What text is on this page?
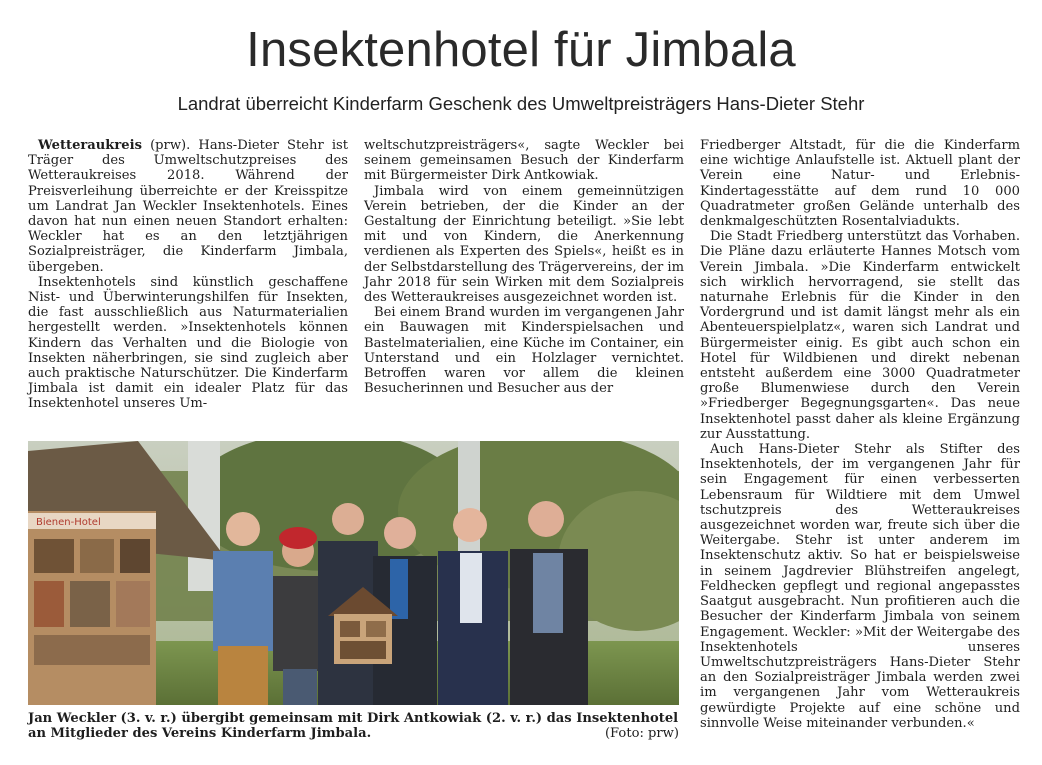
Insektenhotel für Jimbala
Landrat überreicht Kinderfarm Geschenk des Umweltpreisträgers Hans-Dieter Stehr

Wetteraukreis (prw). Hans-Dieter Stehr ist Träger des Umweltschutzpreises des Wetteraukreises 2018. Während der Preisverleihung überreichte er der Kreisspitze um Landrat Jan Weckler Insektenhotels. Eines davon hat nun einen neuen Standort erhalten: Weckler hat es an den letztjährigen Sozialpreisträger, die Kinderfarm Jimbala, übergeben.

Insektenhotels sind künstlich geschaffene Nist- und Überwinterungshilfen für Insekten, die fast ausschließlich aus Naturmaterialien hergestellt werden. »Insektenhotels können Kindern das Verhalten und die Biologie von Insekten näherbringen, sie sind zugleich aber auch praktische Naturschützer. Die Kinderfarm Jimbala ist damit ein idealer Platz für das Insektenhotel unseres Um-

weltschutzpreisträgers«, sagte Weckler bei seinem gemeinsamen Besuch der Kinderfarm mit Bürgermeister Dirk Antkowiak.

Jimbala wird von einem gemeinnützigen Verein betrieben, der die Kinder an der Gestaltung der Einrichtung beteiligt. »Sie lebt mit und von Kindern, die Anerkennung verdienen als Experten des Spiels«, heißt es in der Selbstdarstellung des Trägervereins, der im Jahr 2018 für sein Wirken mit dem Sozialpreis des Wetteraukreises ausgezeichnet worden ist.

Bei einem Brand wurden im vergangenen Jahr ein Bauwagen mit Kinderspielsachen und Bastelmaterialien, eine Küche im Container, ein Unterstand und ein Holzlager vernichtet. Betroffen waren vor allem die kleinen Besucherinnen und Besucher aus der

Friedberger Altstadt, für die die Kinderfarm eine wichtige Anlaufstelle ist. Aktuell plant der Verein eine Natur- und Erlebnis-Kindertagesstätte auf dem rund 10 000 Quadratmeter großen Gelände unterhalb des denkmalgeschützten Rosentalviadukts.

Die Stadt Friedberg unterstützt das Vorhaben. Die Pläne dazu erläuterte Hannes Motsch vom Verein Jimbala. »Die Kinderfarm entwickelt sich wirklich hervorragend, sie stellt das naturnahe Erlebnis für die Kinder in den Vordergrund und ist damit längst mehr als ein Abenteuerspielplatz«, waren sich Landrat und Bürgermeister einig. Es gibt auch schon ein Hotel für Wildbienen und direkt nebenan entsteht außerdem eine 3000 Quadratmeter große Blumenwiese durch den Verein »Friedberger Begegnungsgarten«. Das neue Insektenhotel passt daher als kleine Ergänzung zur Ausstattung.

Auch Hans-Dieter Stehr als Stifter des Insektenhotels, der im vergangenen Jahr für sein Engagement für einen verbesserten Lebensraum für Wildtiere mit dem Umwel tschutzpreis des Wetteraukreises ausgezeichnet worden war, freute sich über die Weitergabe. Stehr ist unter anderem im Insektenschutz aktiv. So hat er beispielsweise in seinem Jagdrevier Blühstreifen angelegt, Feldhecken gepflegt und regional angepasstes Saatgut ausgebracht. Nun profitieren auch die Besucher der Kinderfarm Jimbala von seinem Engagement. Weckler: »Mit der Weitergabe des Insektenhotels unseres Umweltschutzpreisträgers Hans-Dieter Stehr an den Sozialpreisträger Jimbala werden zwei im vergangenen Jahr vom Wetteraukreis gewürdigte Projekte auf eine schöne und sinnvolle Weise miteinander verbunden.«

Bienen-Hotel
Jan Weckler (3. v. r.) übergibt gemeinsam mit Dirk Antkowiak (2. v. r.) das Insektenhotel an Mitglieder des Vereins Kinderfarm Jimbala.	(Foto: prw)
